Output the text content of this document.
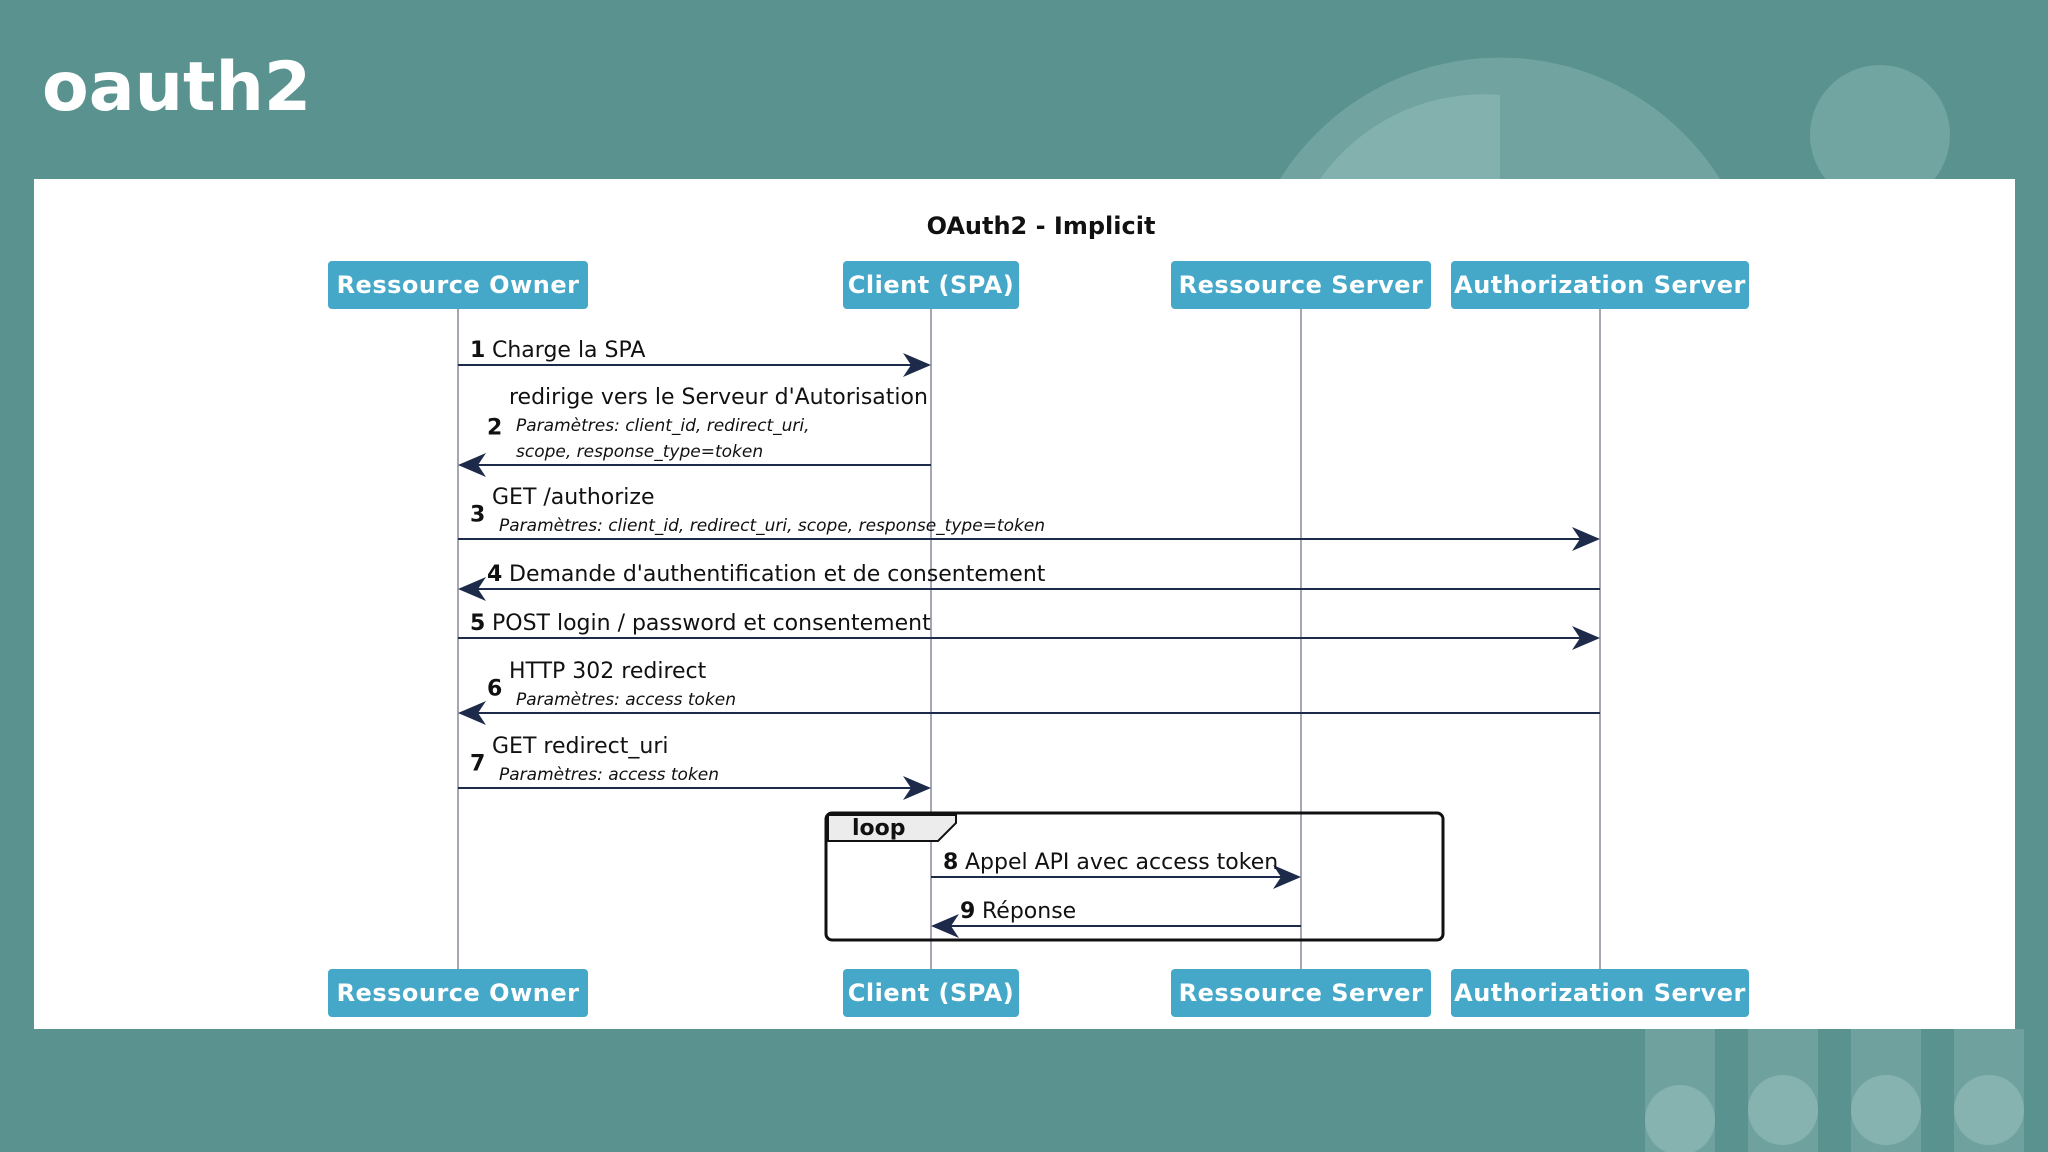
oauth2
OAuth2 - Implicit
Ressource Owner
Ressource Owner
Client (SPA)
Client (SPA)
Ressource Server
Ressource Server
Authorization Server
Authorization Server
1 Charge la SPA
2
redirige vers le Serveur d'Autorisation
Paramètres: client_id, redirect_uri,
scope, response_type=token
3
GET /authorize
Paramètres: client_id, redirect_uri, scope, response_type=token
4 Demande d'authentification et de consentement
5 POST login / password et consentement
6
HTTP 302 redirect
Paramètres: access token
7
GET redirect_uri
Paramètres: access token
8 Appel API avec access token
9 Réponse
loop
